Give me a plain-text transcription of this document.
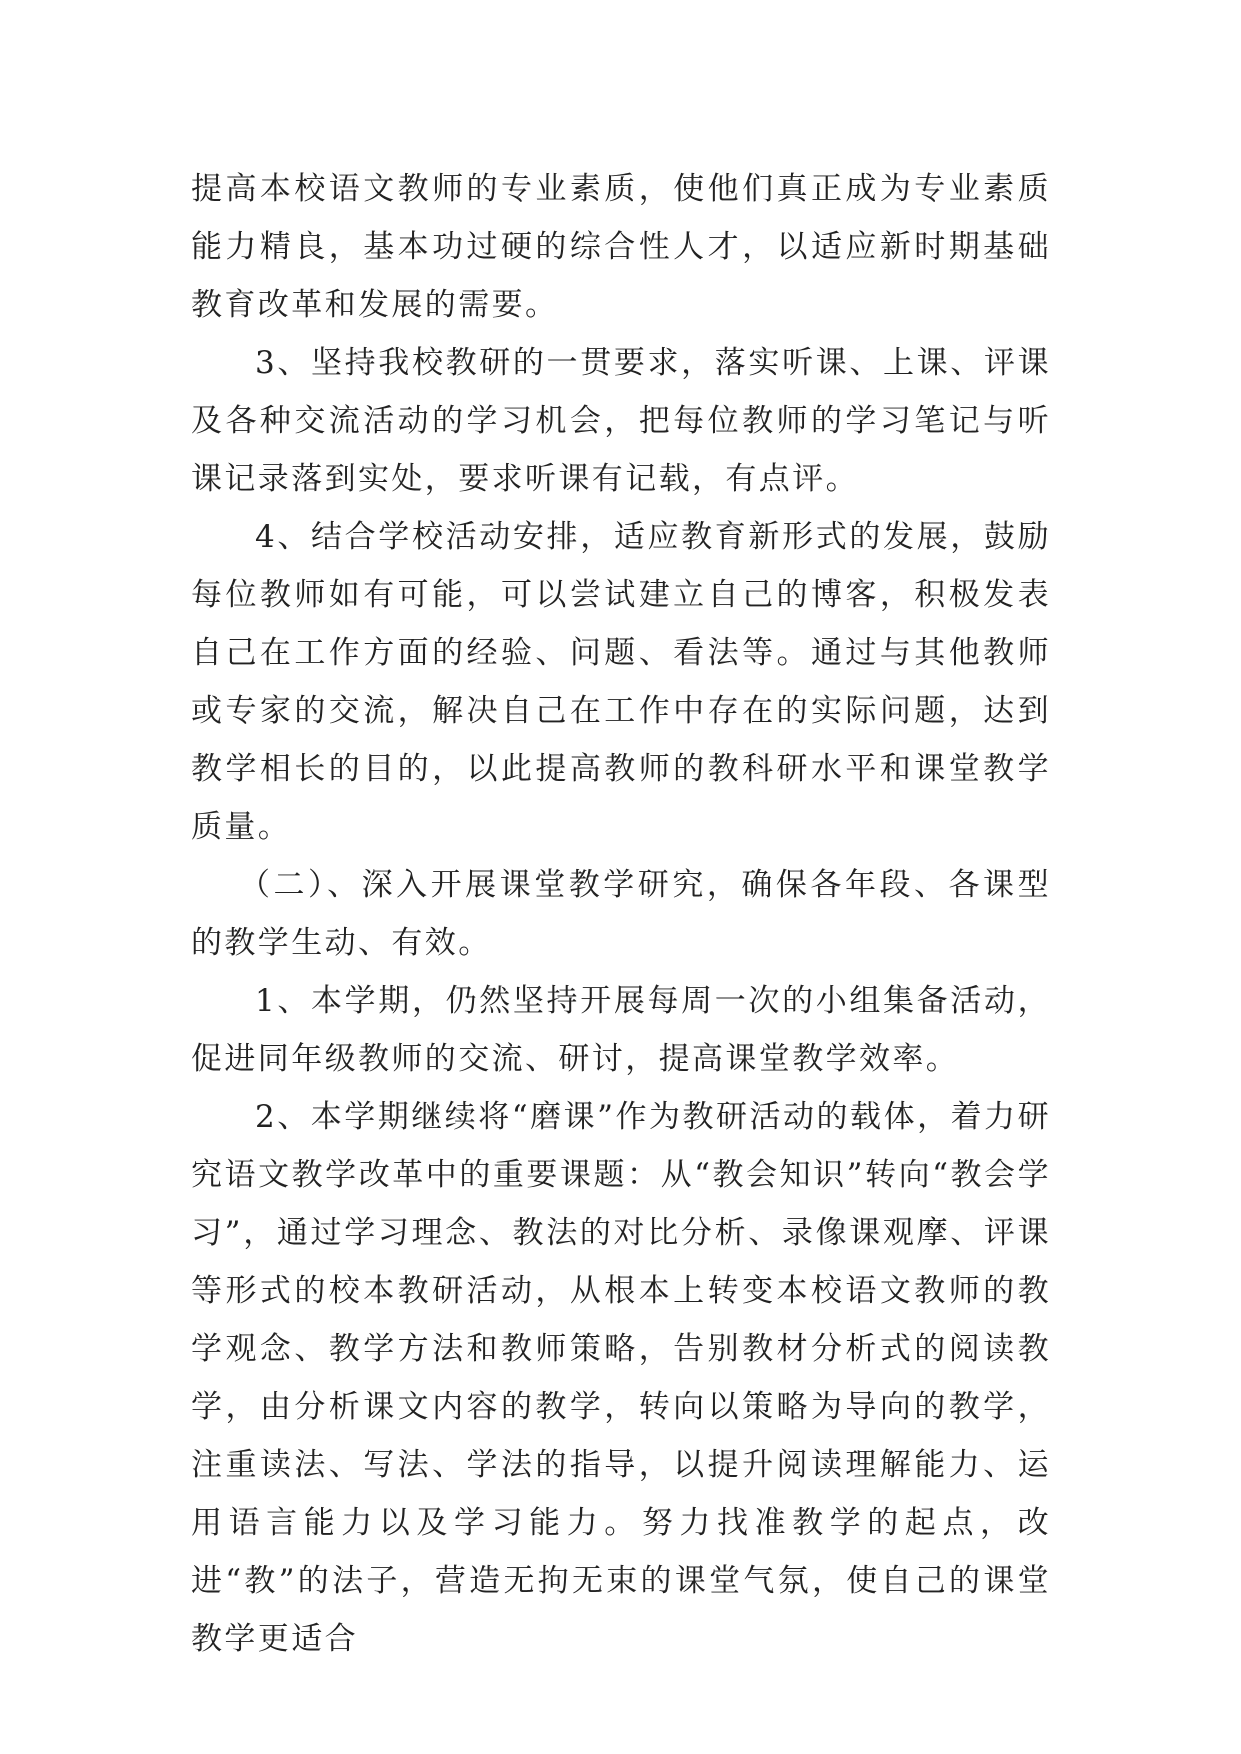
提高本校语文教师的专业素质，使他们真正成为专业素质能力精良，基本功过硬的综合性人才，以适应新时期基础教育改革和发展的需要。

3、坚持我校教研的一贯要求，落实听课、上课、评课及各种交流活动的学习机会，把每位教师的学习笔记与听课记录落到实处，要求听课有记载，有点评。

4、结合学校活动安排，适应教育新形式的发展，鼓励每位教师如有可能，可以尝试建立自己的博客，积极发表自己在工作方面的经验、问题、看法等。通过与其他教师或专家的交流，解决自己在工作中存在的实际问题，达到教学相长的目的，以此提高教师的教科研水平和课堂教学质量。

（二）、深入开展课堂教学研究，确保各年段、各课型的教学生动、有效。

1、本学期，仍然坚持开展每周一次的小组集备活动，促进同年级教师的交流、研讨，提高课堂教学效率。

2、本学期继续将“磨课”作为教研活动的载体，着力研究语文教学改革中的重要课题：从“教会知识”转向“教会学习”，通过学习理念、教法的对比分析、录像课观摩、评课等形式的校本教研活动，从根本上转变本校语文教师的教学观念、教学方法和教师策略，告别教材分析式的阅读教学，由分析课文内容的教学，转向以策略为导向的教学，注重读法、写法、学法的指导，以提升阅读理解能力、运用语言能力以及学习能力。努力找准教学的起点，改进“教”的法子，营造无拘无束的课堂气氛，使自己的课堂教学更适合
